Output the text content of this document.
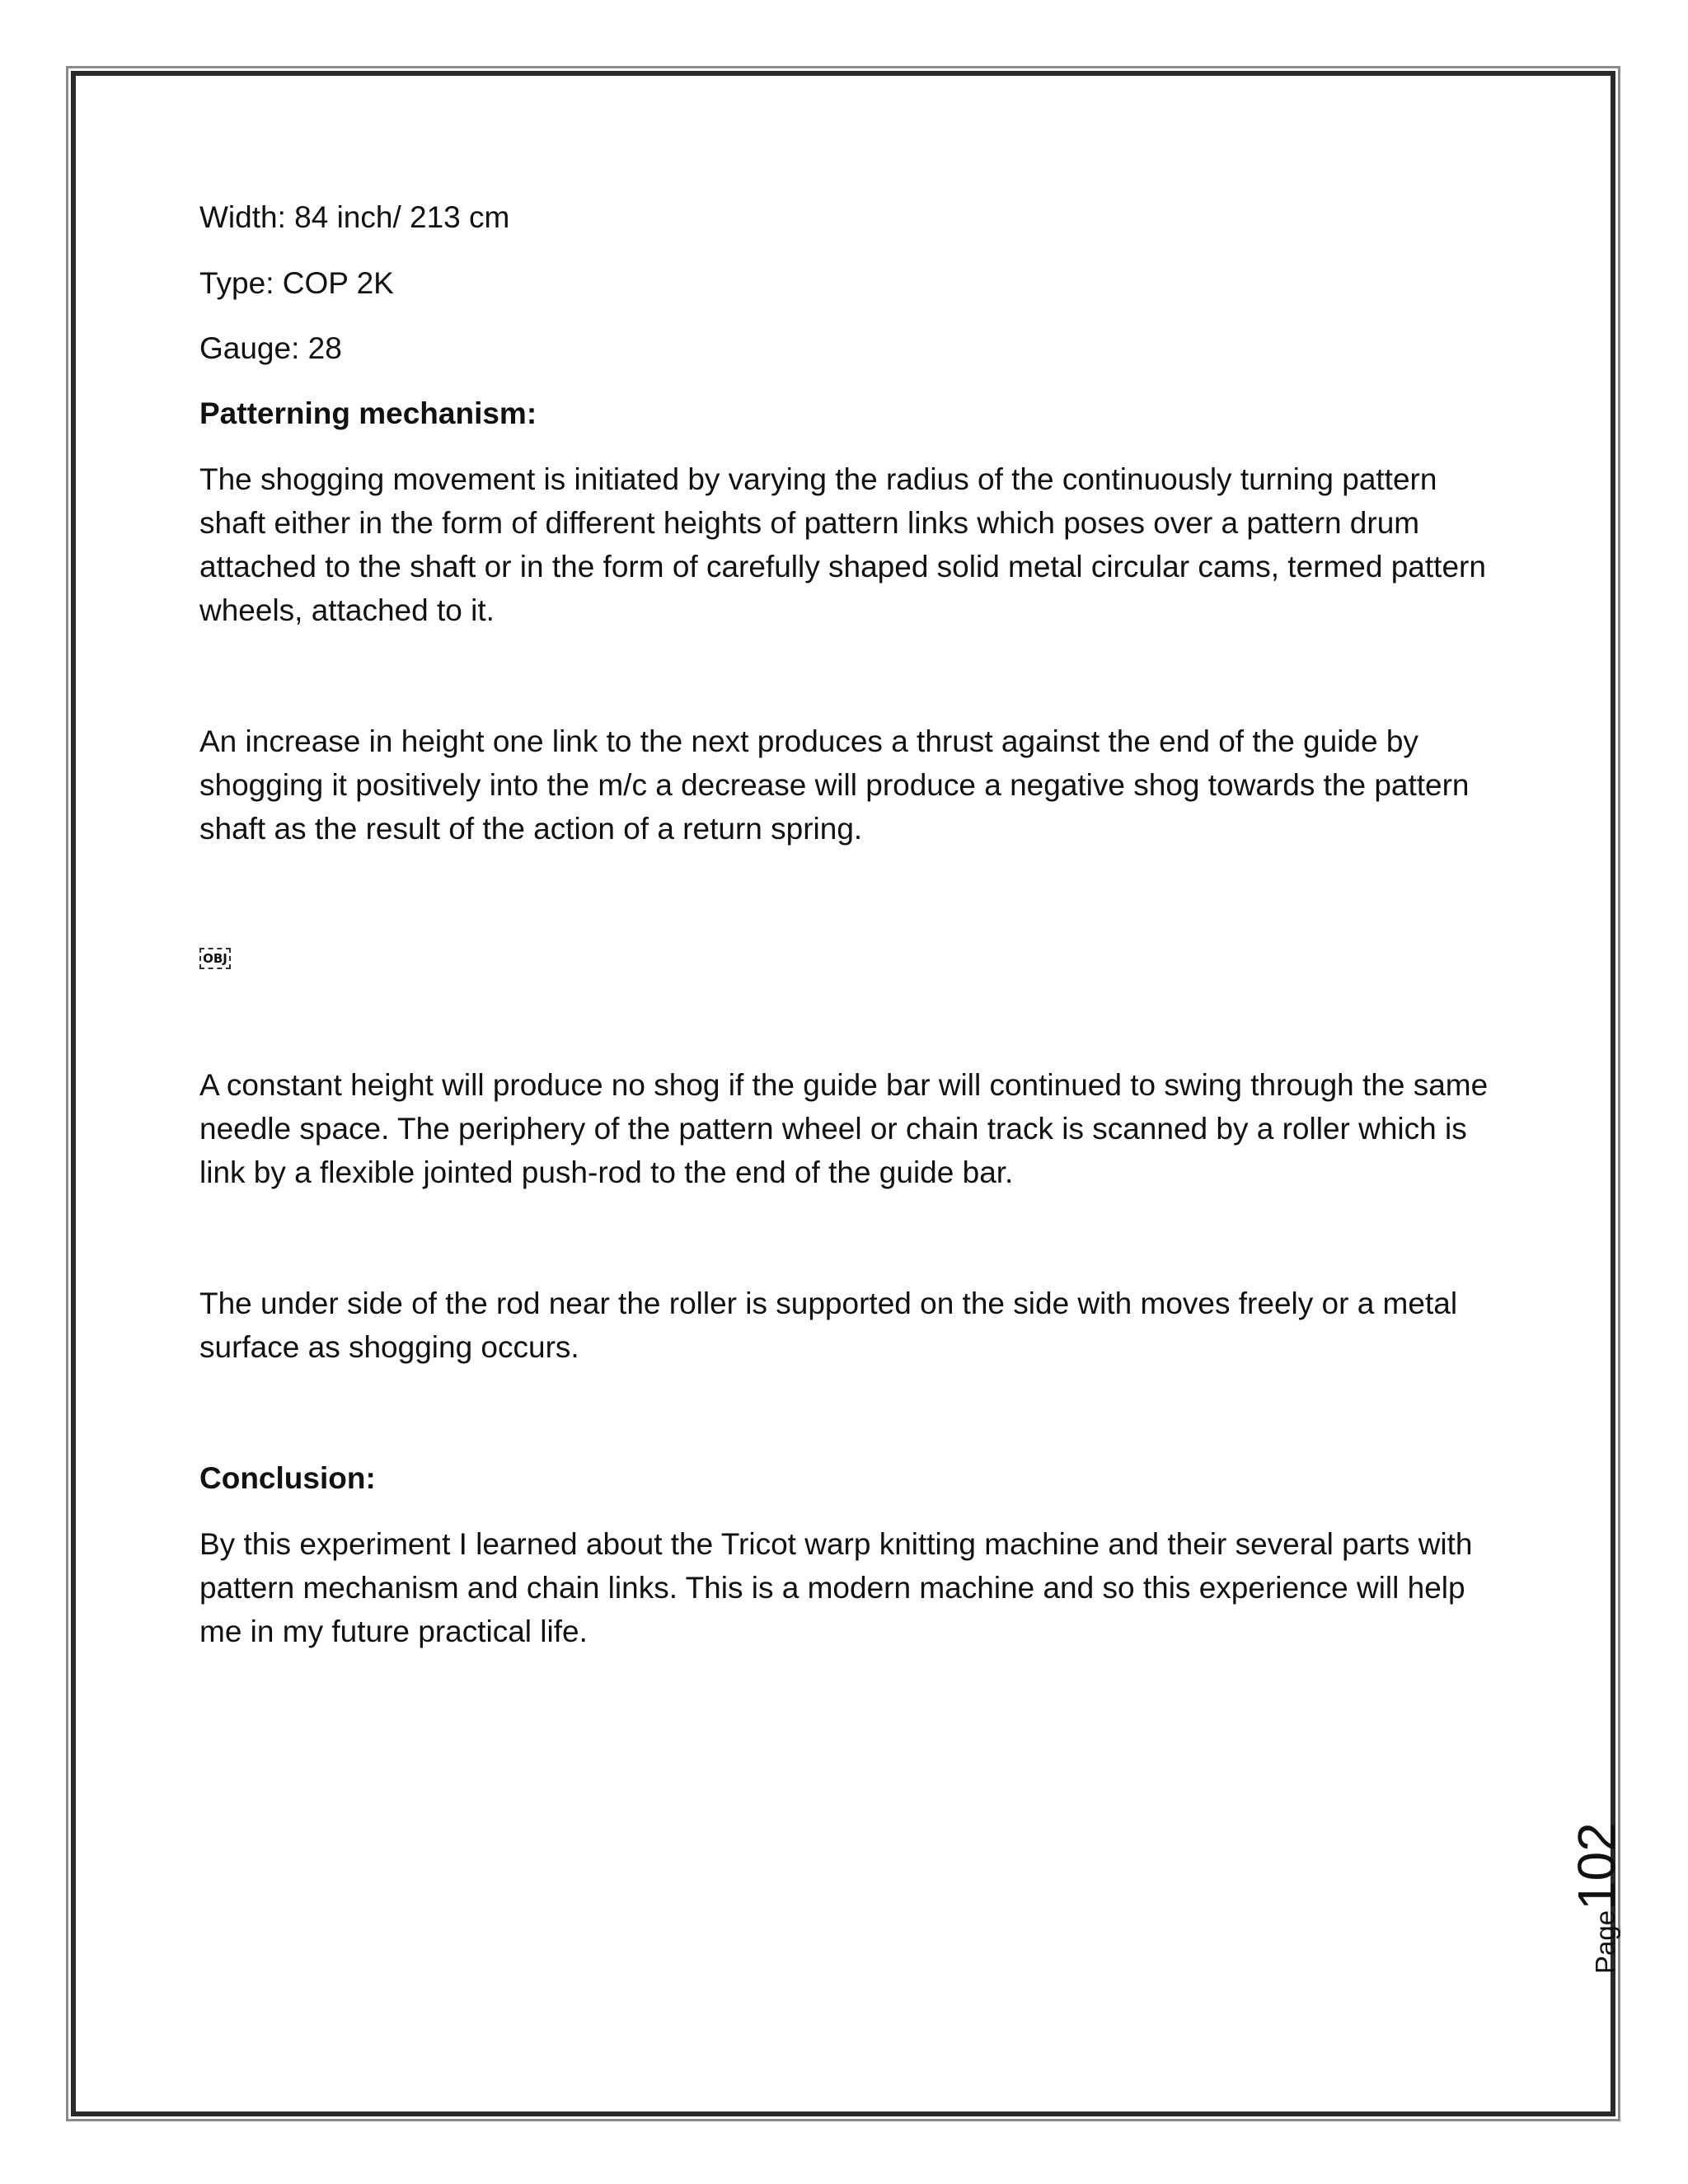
Width: 84 inch/ 213 cm

Type: COP 2K

Gauge: 28

Patterning mechanism:

The shogging movement is initiated by varying the radius of the continuously turning pattern shaft either in the form of different heights of pattern links which poses over a pattern drum attached to the shaft or in the form of carefully shaped solid metal circular cams, termed pattern wheels, attached to it.

An increase in height one link to the next produces a thrust against the end of the guide by shogging it positively into the m/c a decrease will produce a negative shog towards the pattern shaft as the result of the action of a return spring.

OBJ

A constant height will produce no shog if the guide bar will continued to swing through the same needle space. The periphery of the pattern wheel or chain track is scanned by a roller which is link by a flexible jointed push-rod to the end of the guide bar.

The under side of the rod near the roller is supported on the side with moves freely or a metal surface as shogging occurs.

Conclusion:

By this experiment I learned about the Tricot warp knitting machine and their several parts with pattern mechanism and chain links. This is a modern machine and so this experience will help me in my future practical life.

Page102
